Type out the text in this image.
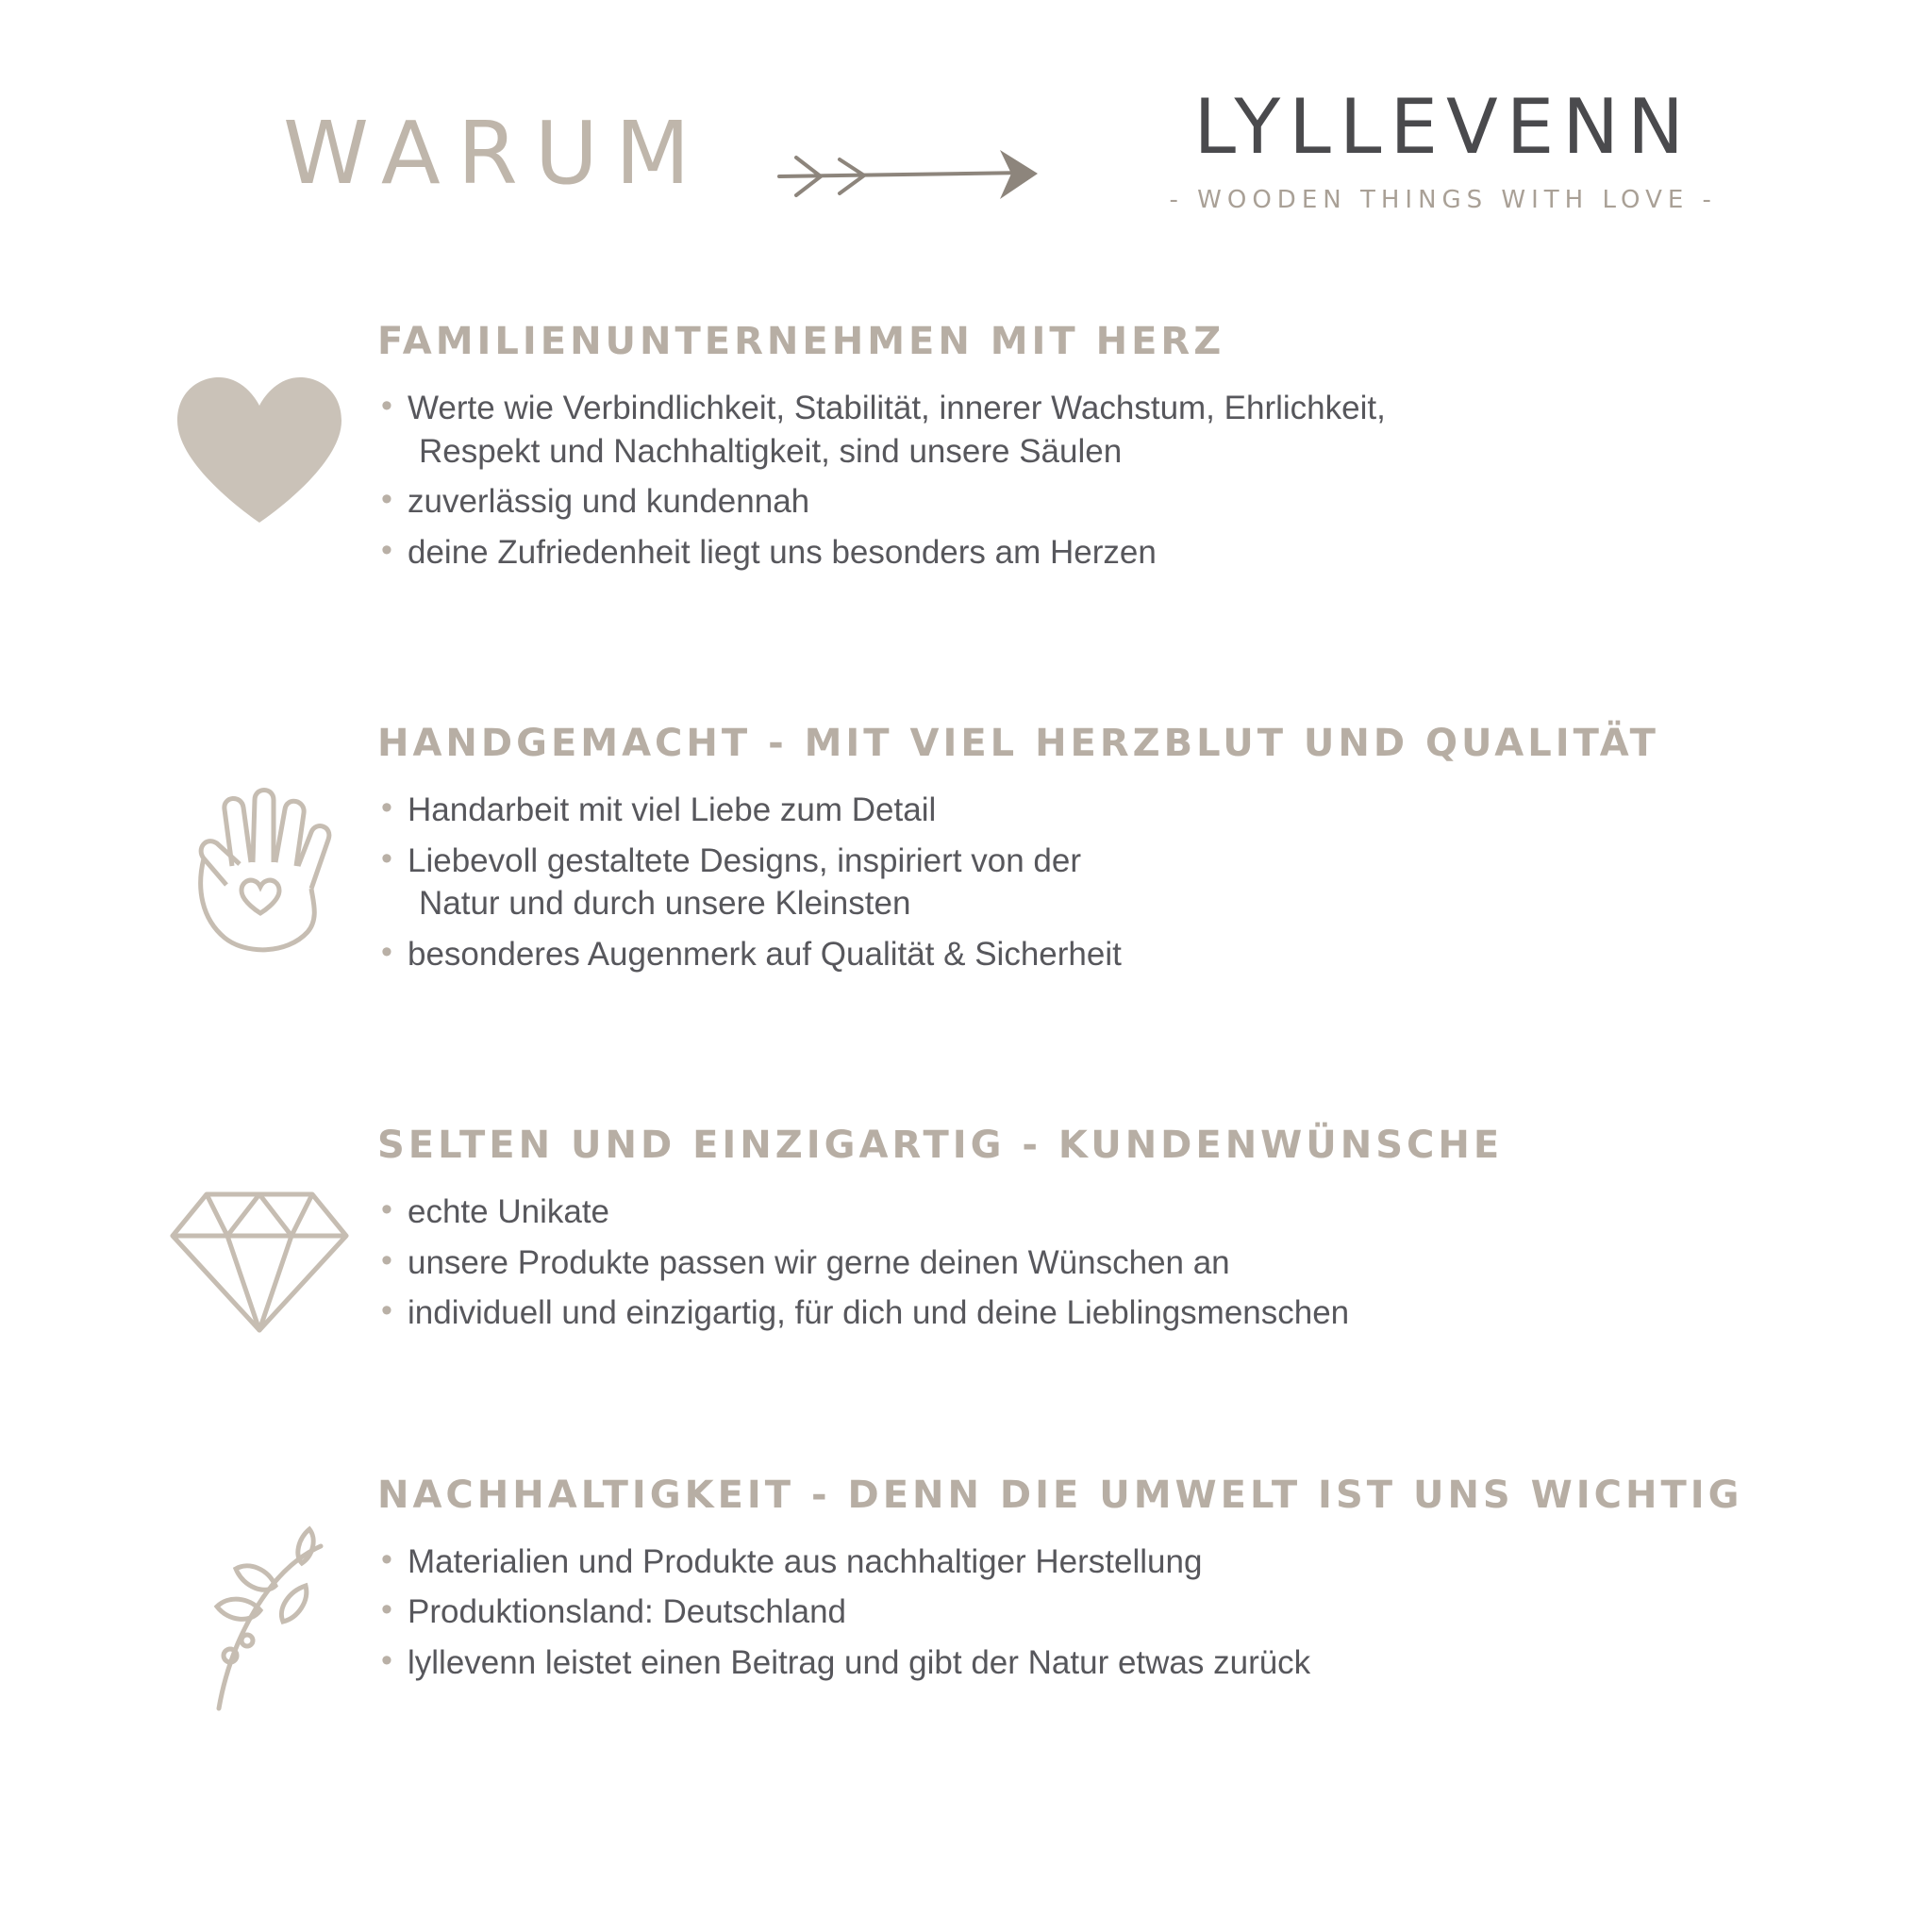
WARUM	LYLLEVENN
- WOODEN THINGS WITH LOVE -
FAMILIENUNTERNEHMEN MIT HERZ
• Werte wie Verbindlichkeit, Stabilität, innerer Wachstum, Ehrlichkeit,
Respekt und Nachhaltigkeit, sind unsere Säulen
• zuverlässig und kundennah
• deine Zufriedenheit liegt uns besonders am Herzen
HANDGEMACHT - MIT VIEL HERZBLUT UND QUALITÄT
• Handarbeit mit viel Liebe zum Detail
• Liebevoll gestaltete Designs, inspiriert von der
Natur und durch unsere Kleinsten
• besonderes Augenmerk auf Qualität & Sicherheit
SELTEN UND EINZIGARTIG - KUNDENWÜNSCHE
• echte Unikate
• unsere Produkte passen wir gerne deinen Wünschen an
• individuell und einzigartig, für dich und deine Lieblingsmenschen
NACHHALTIGKEIT - DENN DIE UMWELT IST UNS WICHTIG
• Materialien und Produkte aus nachhaltiger Herstellung
• Produktionsland: Deutschland
• lyllevenn leistet einen Beitrag und gibt der Natur etwas zurück
